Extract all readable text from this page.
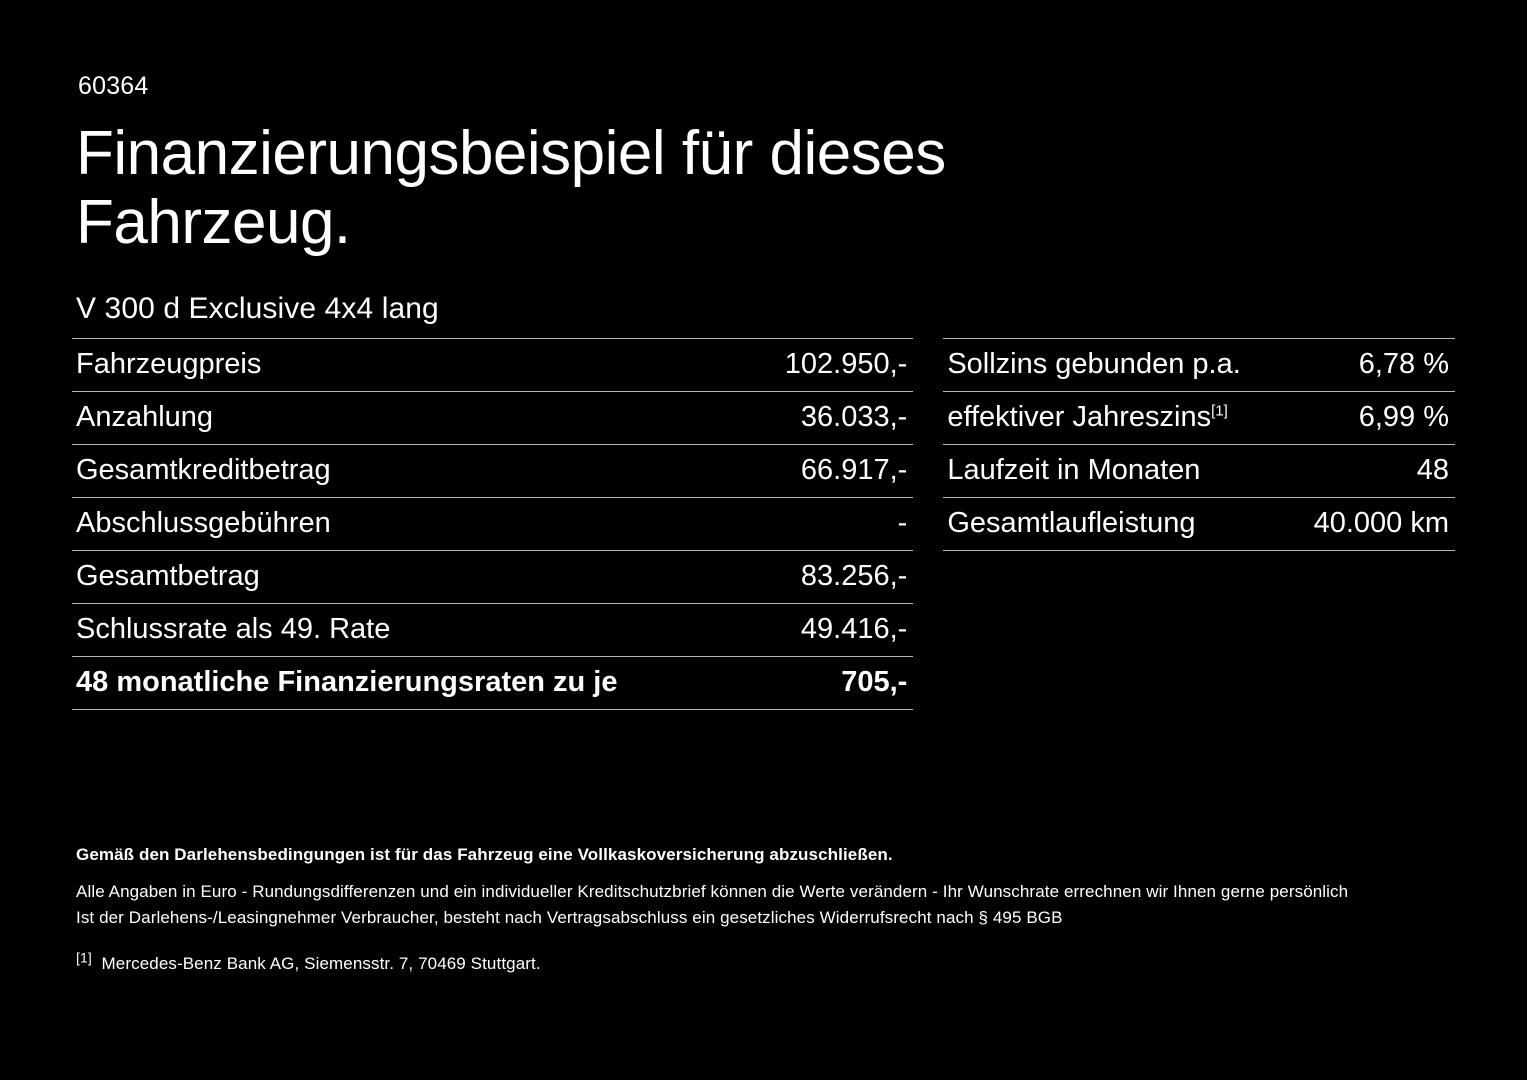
60364
Finanzierungsbeispiel für dieses Fahrzeug.
V 300 d Exclusive 4x4 lang
Fahrzeugpreis	102.950,-
Anzahlung	36.033,-
Gesamtkreditbetrag	66.917,-
Abschlussgebühren	-
Gesamtbetrag	83.256,-
Schlussrate als 49. Rate	49.416,-
48 monatliche Finanzierungsraten zu je	705,-
Sollzins gebunden p.a.	6,78 %
effektiver Jahreszins[1]	6,99 %
Laufzeit in Monaten	48
Gesamtlaufleistung	40.000 km
Gemäß den Darlehensbedingungen ist für das Fahrzeug eine Vollkaskoversicherung abzuschließen.
Alle Angaben in Euro - Rundungsdifferenzen und ein individueller Kreditschutzbrief können die Werte verändern - Ihr Wunschrate errechnen wir Ihnen gerne persönlich
Ist der Darlehens-/Leasingnehmer Verbraucher, besteht nach Vertragsabschluss ein gesetzliches Widerrufsrecht nach § 495 BGB
[1] Mercedes-Benz Bank AG, Siemensstr. 7, 70469 Stuttgart.
